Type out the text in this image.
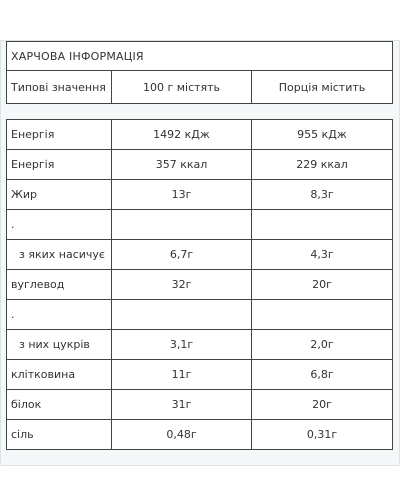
ХАРЧОВА ІНФОРМАЦІЯ
Типові значення	100 г містять	Порція містить
Енергія	1492 кДж	955 кДж
Енергія	357 ккал	229 ккал
Жир	13г	8,3г
.		
з яких насичує	6,7г	4,3г
вуглевод	32г	20г
.		
з них цукрів	3,1г	2,0г
клітковина	11г	6,8г
білок	31г	20г
сіль	0,48г	0,31г
